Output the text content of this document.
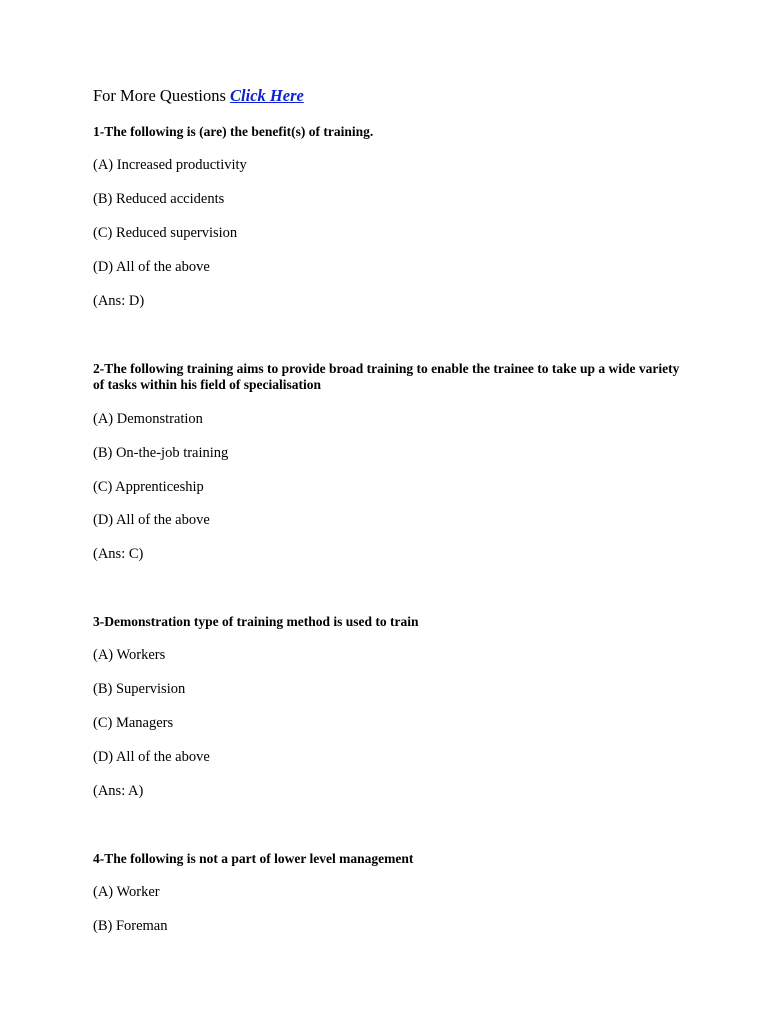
For More Questions Click Here
1-The following is (are) the benefit(s) of training.
(A) Increased productivity
(B) Reduced accidents
(C) Reduced supervision
(D) All of the above
(Ans: D)
2-The following training aims to provide broad training to enable the trainee to take up a wide variety of tasks within his field of specialisation
(A) Demonstration
(B) On-the-job training
(C) Apprenticeship
(D) All of the above
(Ans: C)
3-Demonstration type of training method is used to train
(A) Workers
(B) Supervision
(C) Managers
(D) All of the above
(Ans: A)
4-The following is not a part of lower level management
(A) Worker
(B) Foreman
